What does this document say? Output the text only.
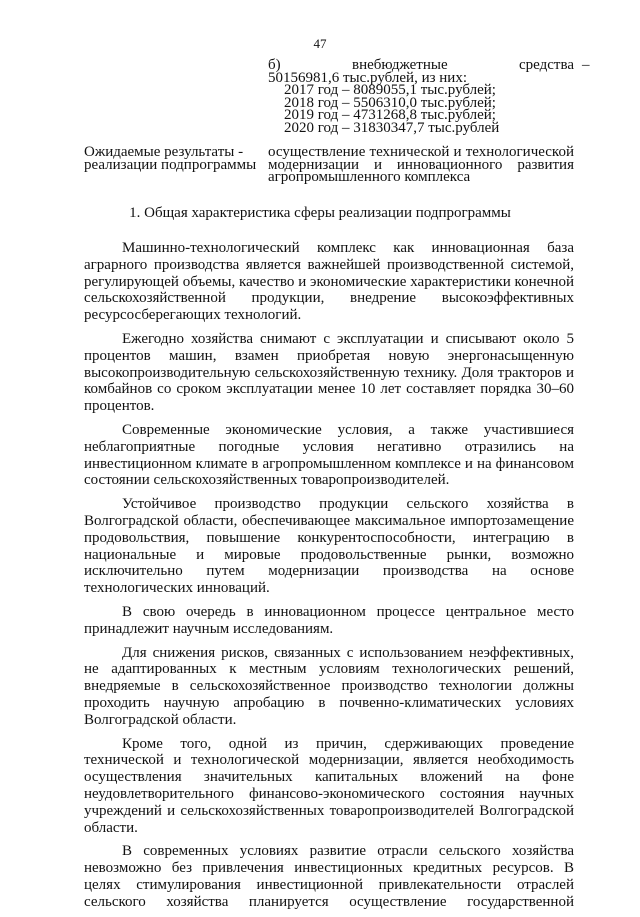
47
б)	внебюджетные	средства
50156981,6 тыс.рублей, из них:
2017 год – 8089055,1 тыс.рублей;
2018 год – 5506310,0 тыс.рублей;
2019 год – 4731268,8 тыс.рублей;
2020 год – 31830347,7 тыс.рублей
–
Ожидаемые результаты - реализации подпрограммы
осуществление технической и технологической модернизации и инновационного развития агропромышленного комплекса
1. Общая характеристика сферы реализации подпрограммы

Машинно-технологический комплекс как инновационная база аграрного производства является важнейшей производственной системой, регулирующей объемы, качество и экономические характеристики конечной сельскохозяйственной продукции, внедрение высокоэффективных ресурсосберегающих технологий.

Ежегодно хозяйства снимают с эксплуатации и списывают около 5 процентов машин, взамен приобретая новую энергонасыщенную высокопроизводительную сельскохозяйственную технику. Доля тракторов и комбайнов со сроком эксплуатации менее 10 лет составляет порядка 30–60 процентов.

Современные экономические условия, а также участившиеся неблагоприятные погодные условия негативно отразились на инвестиционном климате в агропромышленном комплексе и на финансовом состоянии сельскохозяйственных товаропроизводителей.

Устойчивое производство продукции сельского хозяйства в Волгоградской области, обеспечивающее максимальное импортозамещение продовольствия, повышение конкурентоспособности, интеграцию в национальные и мировые продовольственные рынки, возможно исключительно путем модернизации производства на основе технологических инноваций.

В свою очередь в инновационном процессе центральное место принадлежит научным исследованиям.

Для снижения рисков, связанных с использованием неэффективных, не адаптированных к местным условиям технологических решений, внедряемые в сельскохозяйственное производство технологии должны проходить научную апробацию в почвенно-климатических условиях Волгоградской области.

Кроме того, одной из причин, сдерживающих проведение технической и технологической модернизации, является необходимость осуществления значительных капитальных вложений на фоне неудовлетворительного финансово-экономического состояния научных учреждений и сельскохозяйственных товаропроизводителей Волгоградской области.

В современных условиях развитие отрасли сельского хозяйства невозможно без привлечения инвестиционных кредитных ресурсов. В целях стимулирования инвестиционной привлекательности отраслей сельского хозяйства планируется осуществление государственной
